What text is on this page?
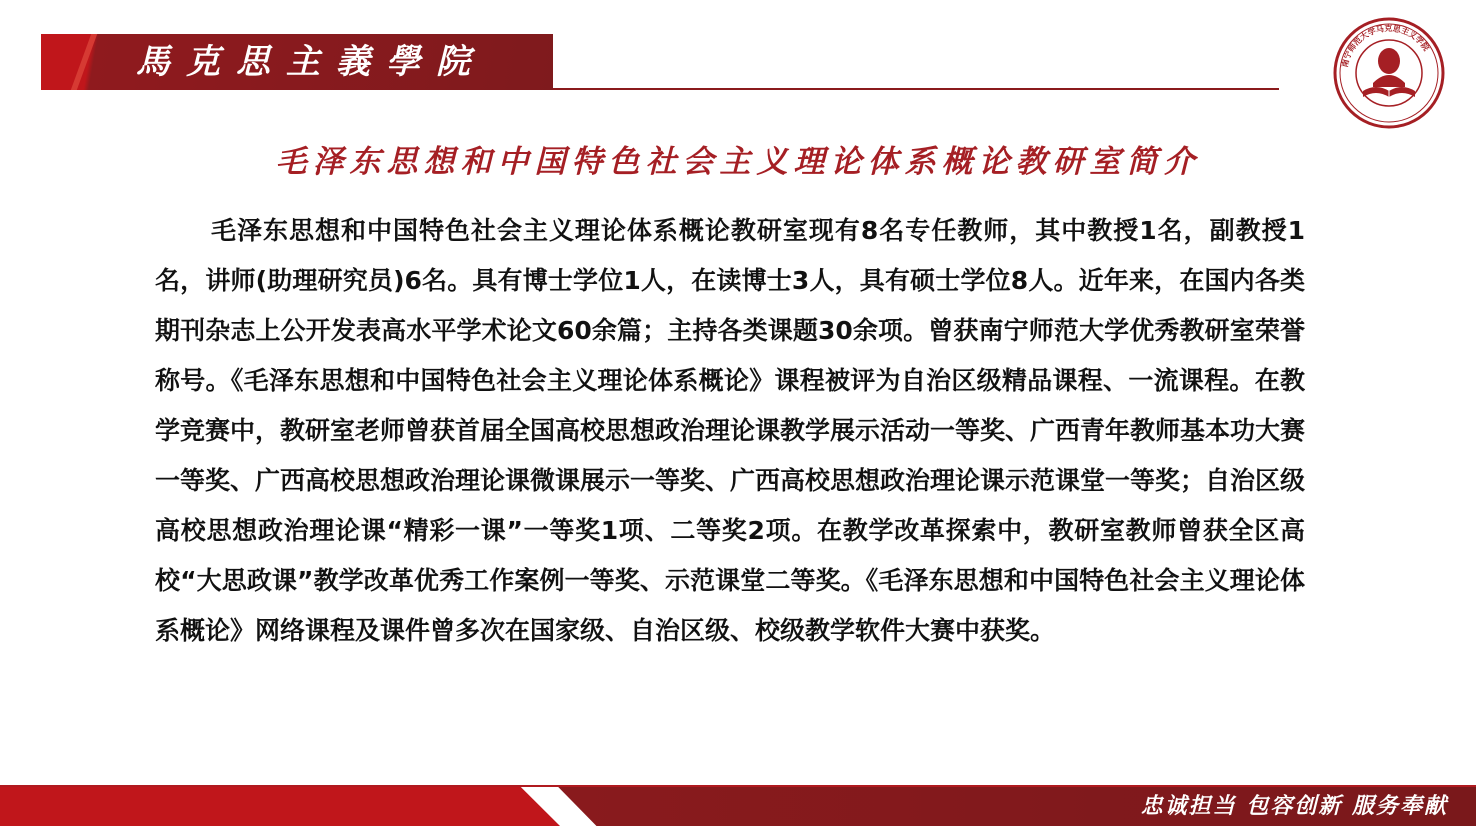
馬克思主義學院	南宁师范大学马克思主义学院
毛泽东思想和中国特色社会主义理论体系概论教研室简介

毛泽东思想和中国特色社会主义理论体系概论教研室现有8名专任教师，其中教授1名，副教授1名，讲师(助理研究员)6名。具有博士学位1人，在读博士3人，具有硕士学位8人。近年来，在国内各类期刊杂志上公开发表高水平学术论文60余篇；主持各类课题30余项。曾获南宁师范大学优秀教研室荣誉称号。《毛泽东思想和中国特色社会主义理论体系概论》课程被评为自治区级精品课程、一流课程。在教学竞赛中，教研室老师曾获首届全国高校思想政治理论课教学展示活动一等奖、广西青年教师基本功大赛一等奖、广西高校思想政治理论课微课展示一等奖、广西高校思想政治理论课示范课堂一等奖；自治区级高校思想政治理论课“精彩一课”一等奖1项、二等奖2项。在教学改革探索中，教研室教师曾获全区高校“大思政课”教学改革优秀工作案例一等奖、示范课堂二等奖。《毛泽东思想和中国特色社会主义理论体系概论》网络课程及课件曾多次在国家级、自治区级、校级教学软件大赛中获奖。

忠诚担当 包容创新 服务奉献
